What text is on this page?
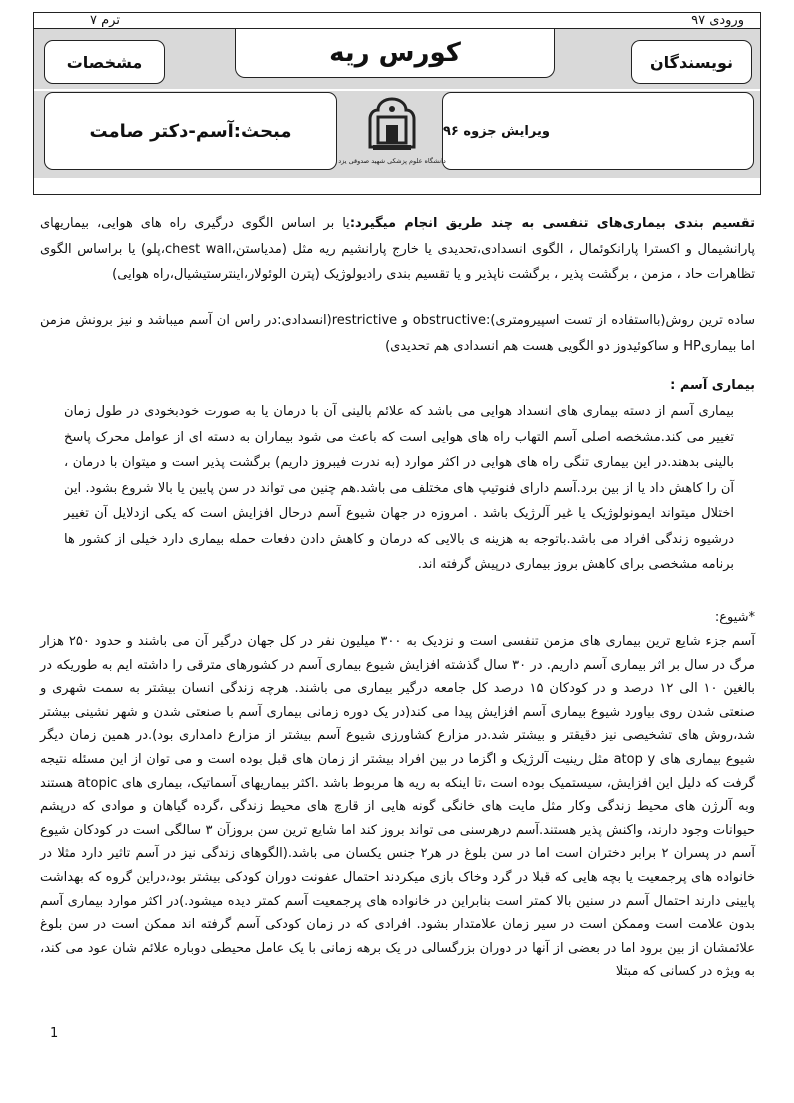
ورودی ۹۷
ترم ۷
کورس ریه	نویسندگان
مشخصات
ویرایش جزوه ۹۶
مبحث:آسم-دکتر صامت
دانشگاه علوم پزشکی شهید صدوقی یزد

تقسیم بندی بیماری‌های تنفسی به چند طریق انجام میگیرد:یا بر اساس الگوی درگیری راه های هوایی، بیماریهای پارانشیمال و اکسترا پارانکوئمال ، الگوی انسدادی،تحدیدی یا خارج پارانشیم ریه مثل (مدیاستن،chest wall،پلو) یا براساس الگوی تظاهرات حاد ، مزمن ، برگشت پذیر ، برگشت ناپذیر و یا تقسیم بندی رادیولوژیک (پترن الوئولار،اینترستیشیال،راه هوایی)

ساده ترین روش(بااستفاده از تست اسپیرومتری):obstructive و restrictive(انسدادی:در راس ان آسم میباشد و نیز برونش مزمن اما بیماریHP و ساکوئیدوز دو الگویی هست هم انسدادی هم تحدیدی)

بیماری آسم :

بیماری آسم از دسته بیماری های انسداد هوایی می باشد که علائم بالینی آن با درمان یا به صورت خودبخودی در طول زمان تغییر می کند.مشخصه اصلی آسم التهاب راه های هوایی است که باعث می شود بیماران به دسته ای از عوامل محرک پاسخ بالینی بدهند.در این بیماری تنگی راه های هوایی در اکثر موارد (به ندرت فیبروز داریم) برگشت پذیر است و میتوان با درمان ، آن را کاهش داد یا از بین برد.آسم دارای فنوتیپ های مختلف می باشد.هم چنین می تواند در سن پایین یا بالا شروع بشود. این اختلال میتواند ایمونولوژیک یا غیر آلرژیک باشد . امروزه در جهان شیوع آسم درحال افزایش است که یکی ازدلایل آن تغییر درشیوه زندگی افراد می باشد.باتوجه به هزینه ی بالایی که درمان و کاهش دادن دفعات حمله بیماری دارد خیلی از کشور ها برنامه مشخصی برای کاهش بروز بیماری درپیش گرفته اند.

*شیوع:

آسم جزء شایع ترین بیماری های مزمن تنفسی است و نزدیک به ۳۰۰ میلیون نفر در کل جهان درگیر آن می باشند و حدود ۲۵۰ هزار مرگ در سال بر اثر بیماری آسم داریم. در ۳۰ سال گذشته افزایش شیوع بیماری آسم در کشورهای مترقی را داشته ایم به طوریکه در بالغین ۱۰ الی ۱۲ درصد و در کودکان ۱۵ درصد کل جامعه درگیر بیماری می باشند. هرچه زندگی انسان بیشتر به سمت شهری و صنعتی شدن روی بیاورد شیوع بیماری آسم افزایش پیدا می کند(در یک دوره زمانی بیماری آسم با صنعتی شدن و شهر نشینی بیشتر شد،روش های تشخیصی نیز دقیقتر و بیشتر شد.در مزارع کشاورزی شیوع آسم بیشتر از مزارع دامداری بود).در همین زمان دیگر شیوع بیماری های atop y مثل رینیت آلرژیک و اگزما در بین افراد بیشتر از زمان های قبل بوده است و می توان از این مسئله نتیجه گرفت که دلیل این افزایش، سیستمیک بوده است ،تا اینکه به ریه ها مربوط باشد .اکثر بیماریهای آسماتیک، بیماری های atopic هستند وبه آلرژن های محیط زندگی وکار مثل مایت های خانگی گونه هایی از قارچ های محیط زندگی ،گرده گیاهان و موادی که درپشم حیوانات وجود دارند، واکنش پذیر هستند.آسم درهرسنی می تواند بروز کند اما شایع ترین سن بروزآن ۳ سالگی است در کودکان شیوع آسم در پسران ۲ برابر دختران است اما در سن بلوغ در هر۲ جنس یکسان می باشد.(الگوهای زندگی نیز در آسم تاثیر دارد مثلا در خانواده های پرجمعیت یا بچه هایی که قبلا در گرد وخاک بازی میکردند احتمال عفونت دوران کودکی بیشتر بود،دراین گروه که بهداشت پایینی دارند احتمال آسم در سنین بالا کمتر است بنابراین در خانواده های پرجمعیت آسم کمتر دیده میشود.)در اکثر موارد بیماری آسم بدون علامت است وممکن است در سیر زمان علامتدار بشود. افرادی که در زمان کودکی آسم گرفته اند ممکن است در سن بلوغ علائمشان از بین برود اما در بعضی از آنها در دوران بزرگسالی در یک برهه زمانی با یک عامل محیطی دوباره علائم شان عود می کند، به ویژه در کسانی که مبتلا

1
